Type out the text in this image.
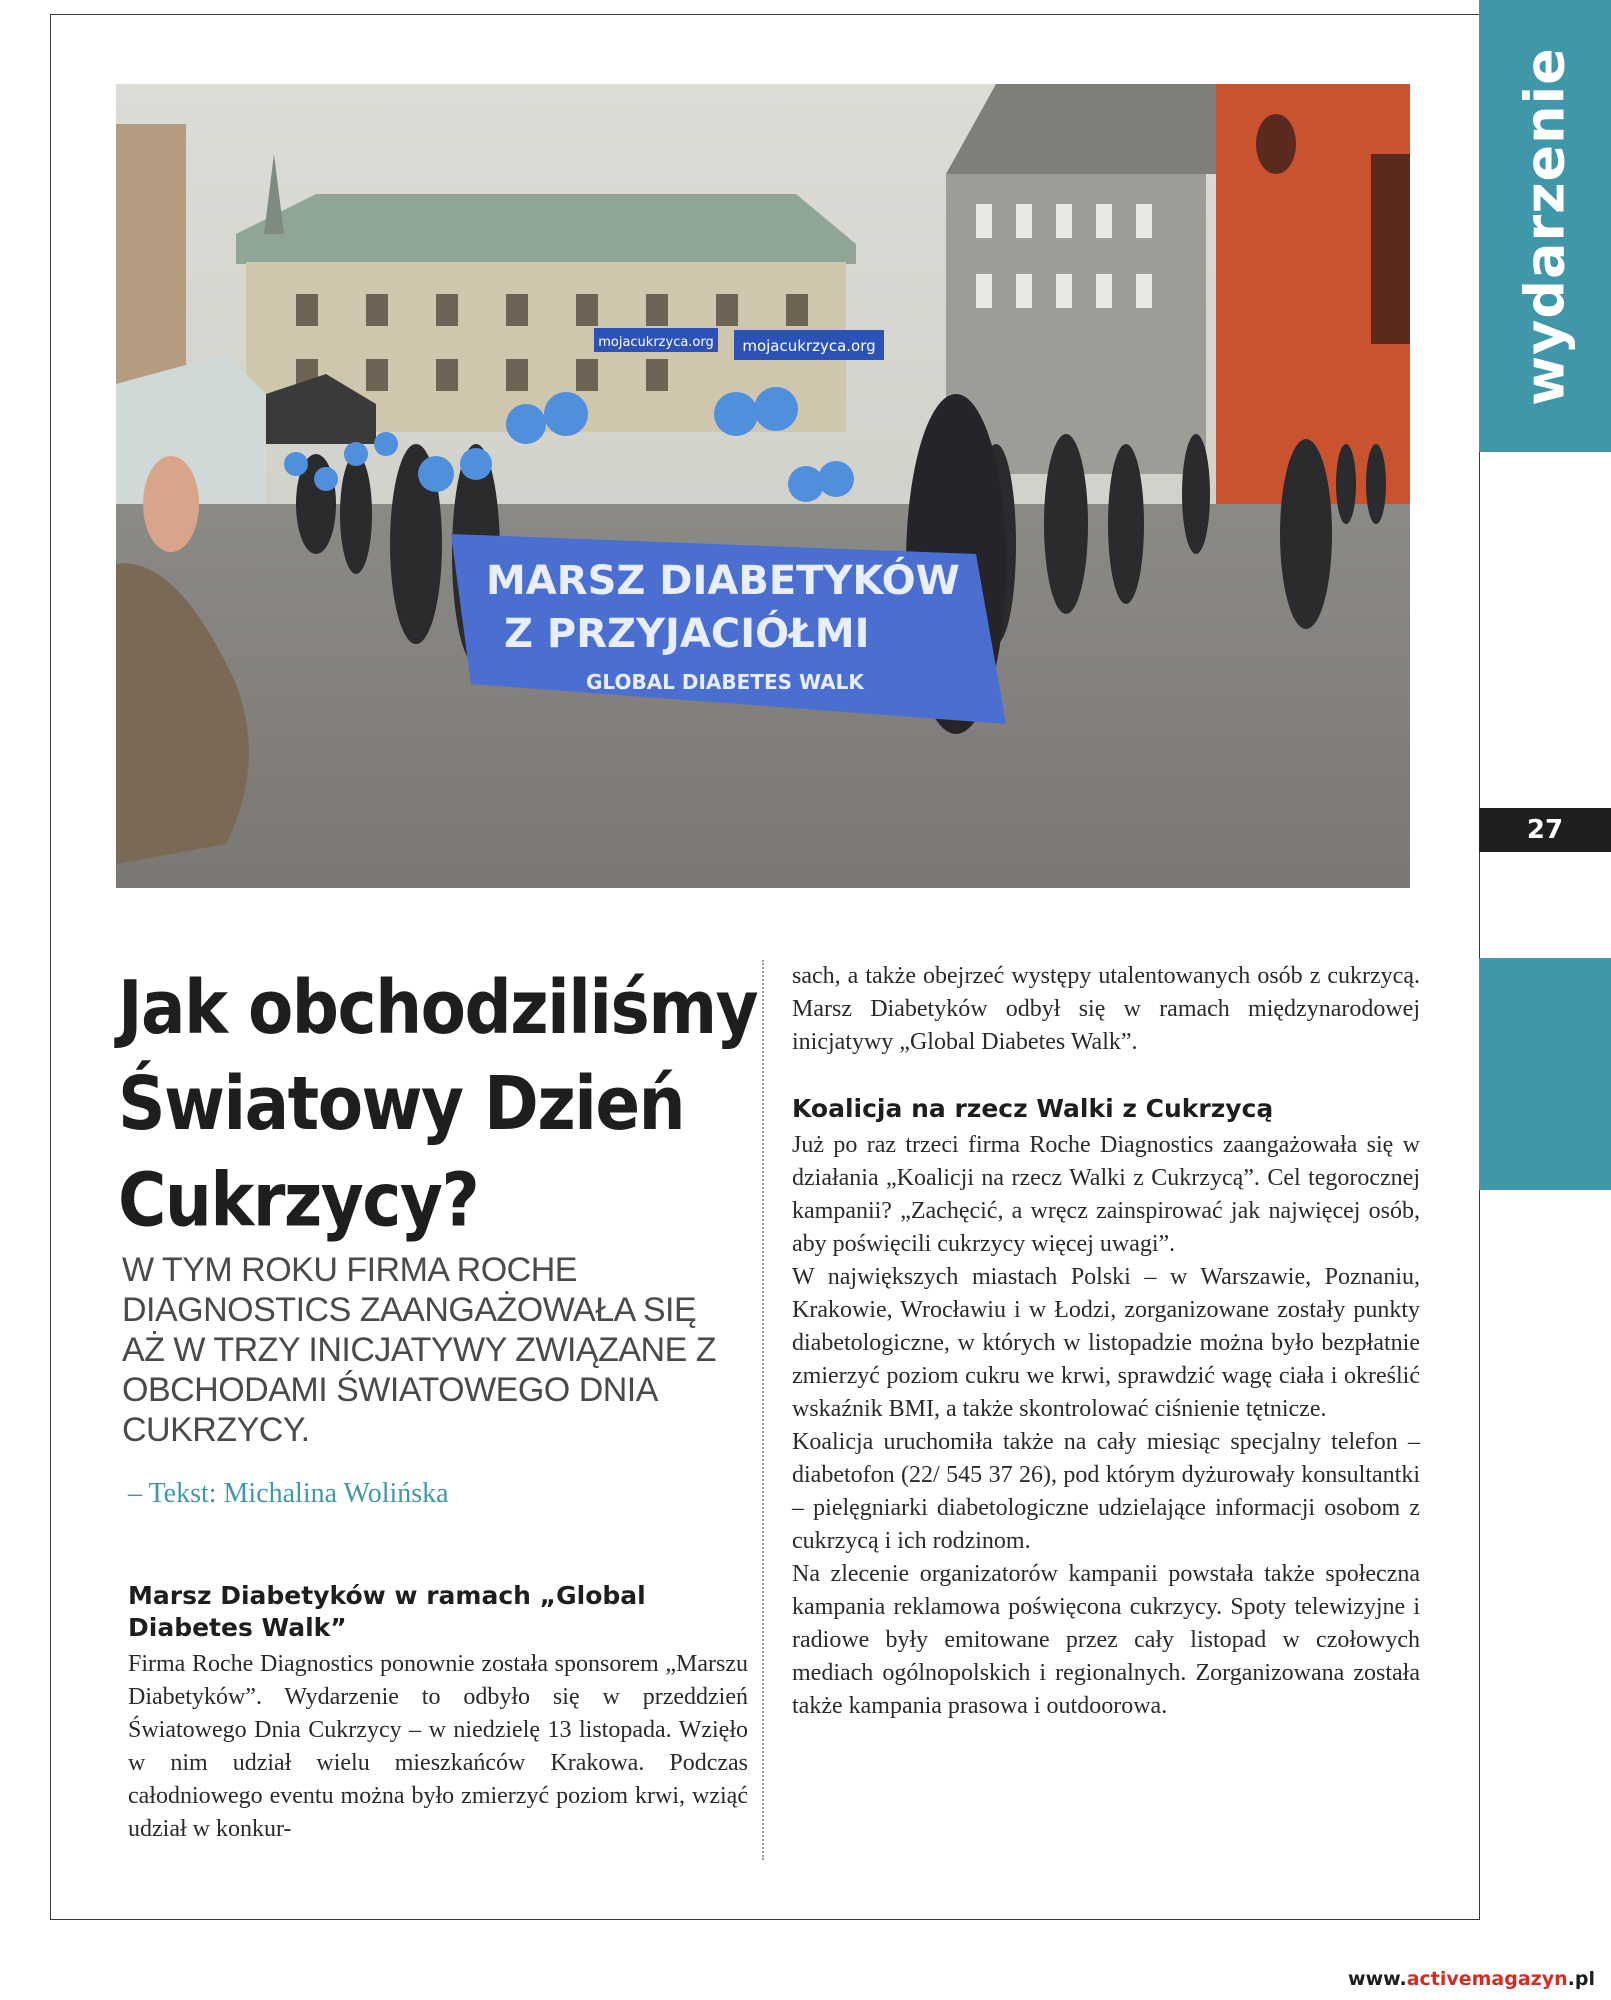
wydarzenie
27
mojacukrzyca.org mojacukrzyca.org
MARSZ DIABETYKÓW
Z PRZYJACIÓŁMI
GLOBAL DIABETES WALK
Jak obchodziliśmy Światowy Dzień Cukrzycy?

W TYM ROKU FIRMA ROCHE DIAGNOSTICS ZAANGAŻOWAŁA SIĘ AŻ W TRZY INICJATYWY ZWIĄZANE Z OBCHODAMI ŚWIATOWEGO DNIA CUKRZYCY.

– Tekst: Michalina Wolińska
Marsz Diabetyków w ramach „Global Diabetes Walk”

Firma Roche Diagnostics ponownie została sponsorem „Marszu Diabetyków”. Wydarzenie to odbyło się w przeddzień Światowego Dnia Cukrzycy – w niedzielę 13 listopada. Wzięło w nim udział wielu mieszkańców Krakowa. Podczas całodniowego eventu można było zmierzyć poziom krwi, wziąć udział w konkur-

sach, a także obejrzeć występy utalentowanych osób z cukrzycą. Marsz Diabetyków odbył się w ramach międzynarodowej inicjatywy „Global Diabetes Walk”.

Koalicja na rzecz Walki z Cukrzycą

Już po raz trzeci firma Roche Diagnostics zaangażowała się w działania „Koalicji na rzecz Walki z Cukrzycą”. Cel tegorocznej kampanii? „Zachęcić, a wręcz zainspirować jak najwięcej osób, aby poświęcili cukrzycy więcej uwagi”.

W największych miastach Polski – w Warszawie, Poznaniu, Krakowie, Wrocławiu i w Łodzi, zorganizowane zostały punkty diabetologiczne, w których w listopadzie można było bezpłatnie zmierzyć poziom cukru we krwi, sprawdzić wagę ciała i określić wskaźnik BMI, a także skontrolować ciśnienie tętnicze.

Koalicja uruchomiła także na cały miesiąc specjalny telefon – diabetofon (22/ 545 37 26), pod którym dyżurowały konsultantki – pielęgniarki diabetologiczne udzielające informacji osobom z cukrzycą i ich rodzinom.

Na zlecenie organizatorów kampanii powstała także społeczna kampania reklamowa poświęcona cukrzycy. Spoty telewizyjne i radiowe były emitowane przez cały listopad w czołowych mediach ogólnopolskich i regionalnych. Zorganizowana została także kampania prasowa i outdoorowa.

www.activemagazyn.pl
